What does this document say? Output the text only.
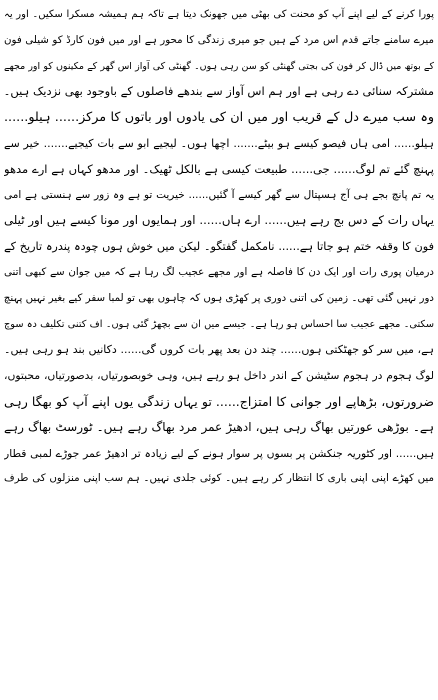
پورا کرنے کے لیے اپنے آپ کو محنت کی بھٹی میں جھونک دیتا ہے تاکہ ہم ہمیشہ مسکرا سکیں۔ اور یہ
میرے سامنے جاتے قدم اس مرد کے ہیں جو میری زندگی کا محور ہے اور میں فون کارڈ کو شیلی فون
کے بوتھ میں ڈال کر فون کی بجتی گھنٹی کو سن رہی ہوں۔ گھنٹی کی آواز اس گھر کے مکینوں کو اور مجھے
مشترکہ سنائی دے رہی ہے اور ہم اس آواز سے بندھے فاصلوں کے باوجود بھی نزدیک ہیں۔
وہ سب میرے دل کے قریب اور میں ان کی یادوں اور باتوں کا مرکز...... ہیلو......
ہیلو...... امی ہاں فیصو کیسے ہو بیٹے....... اچھا ہوں۔ لیجیے ابو سے بات کیجیے....... خیر سے
پہنچ گئے تم لوگ...... جی...... طبیعت کیسی ہے بالکل ٹھیک۔ اور مدھو کہاں ہے ارے مدھو
یہ تم پانچ بجے ہی آج ہسپتال سے گھر کیسے آ گئیں...... خیریت تو ہے وہ زور سے ہنستی ہے امی
یہاں رات کے دس بج رہے ہیں...... ارے ہاں...... اور ہمایوں اور مونا کیسے ہیں اور ٹیلی
فون کا وقفہ ختم ہو جاتا ہے...... نامکمل گفتگو۔ لیکن میں خوش ہوں چودہ پندرہ تاریخ کے
درمیان پوری رات اور ایک دن کا فاصلہ ہے اور مجھے عجیب لگ رہا ہے کہ میں جوان سے کبھی اتنی
دور نہیں گئی تھی۔ زمین کی اتنی دوری پر کھڑی ہوں کہ چاہوں بھی تو لمبا سفر کیے بغیر نہیں پہنچ
سکتی۔ مجھے عجیب سا احساس ہو رہا ہے۔ جیسے میں ان سے بچھڑ گئی ہوں۔ اف کتنی تکلیف دہ سوچ
ہے، میں سر کو جھٹکتی ہوں...... چند دن بعد پھر بات کروں گی...... دکانیں بند ہو رہی ہیں۔
لوگ ہجوم در ہجوم سٹیشن کے اندر داخل ہو رہے ہیں، وہی خوبصورتیاں، بدصورتیاں، محبتوں،
ضرورتوں، بڑھاپے اور جوانی کا امتزاج...... تو یہاں زندگی یوں اپنے آپ کو بھگا رہی
ہے۔ بوڑھی عورتیں بھاگ رہی ہیں، ادھیڑ عمر مرد بھاگ رہے ہیں۔ ٹورسٹ بھاگ رہے
ہیں...... اور کٹوریہ جنکشن پر بسوں پر سوار ہونے کے لیے زیادہ تر ادھیڑ عمر جوڑے لمبی قطار
میں کھڑے اپنی اپنی باری کا انتظار کر رہے ہیں۔ کوئی جلدی نہیں۔ ہم سب اپنی منزلوں کی طرف
